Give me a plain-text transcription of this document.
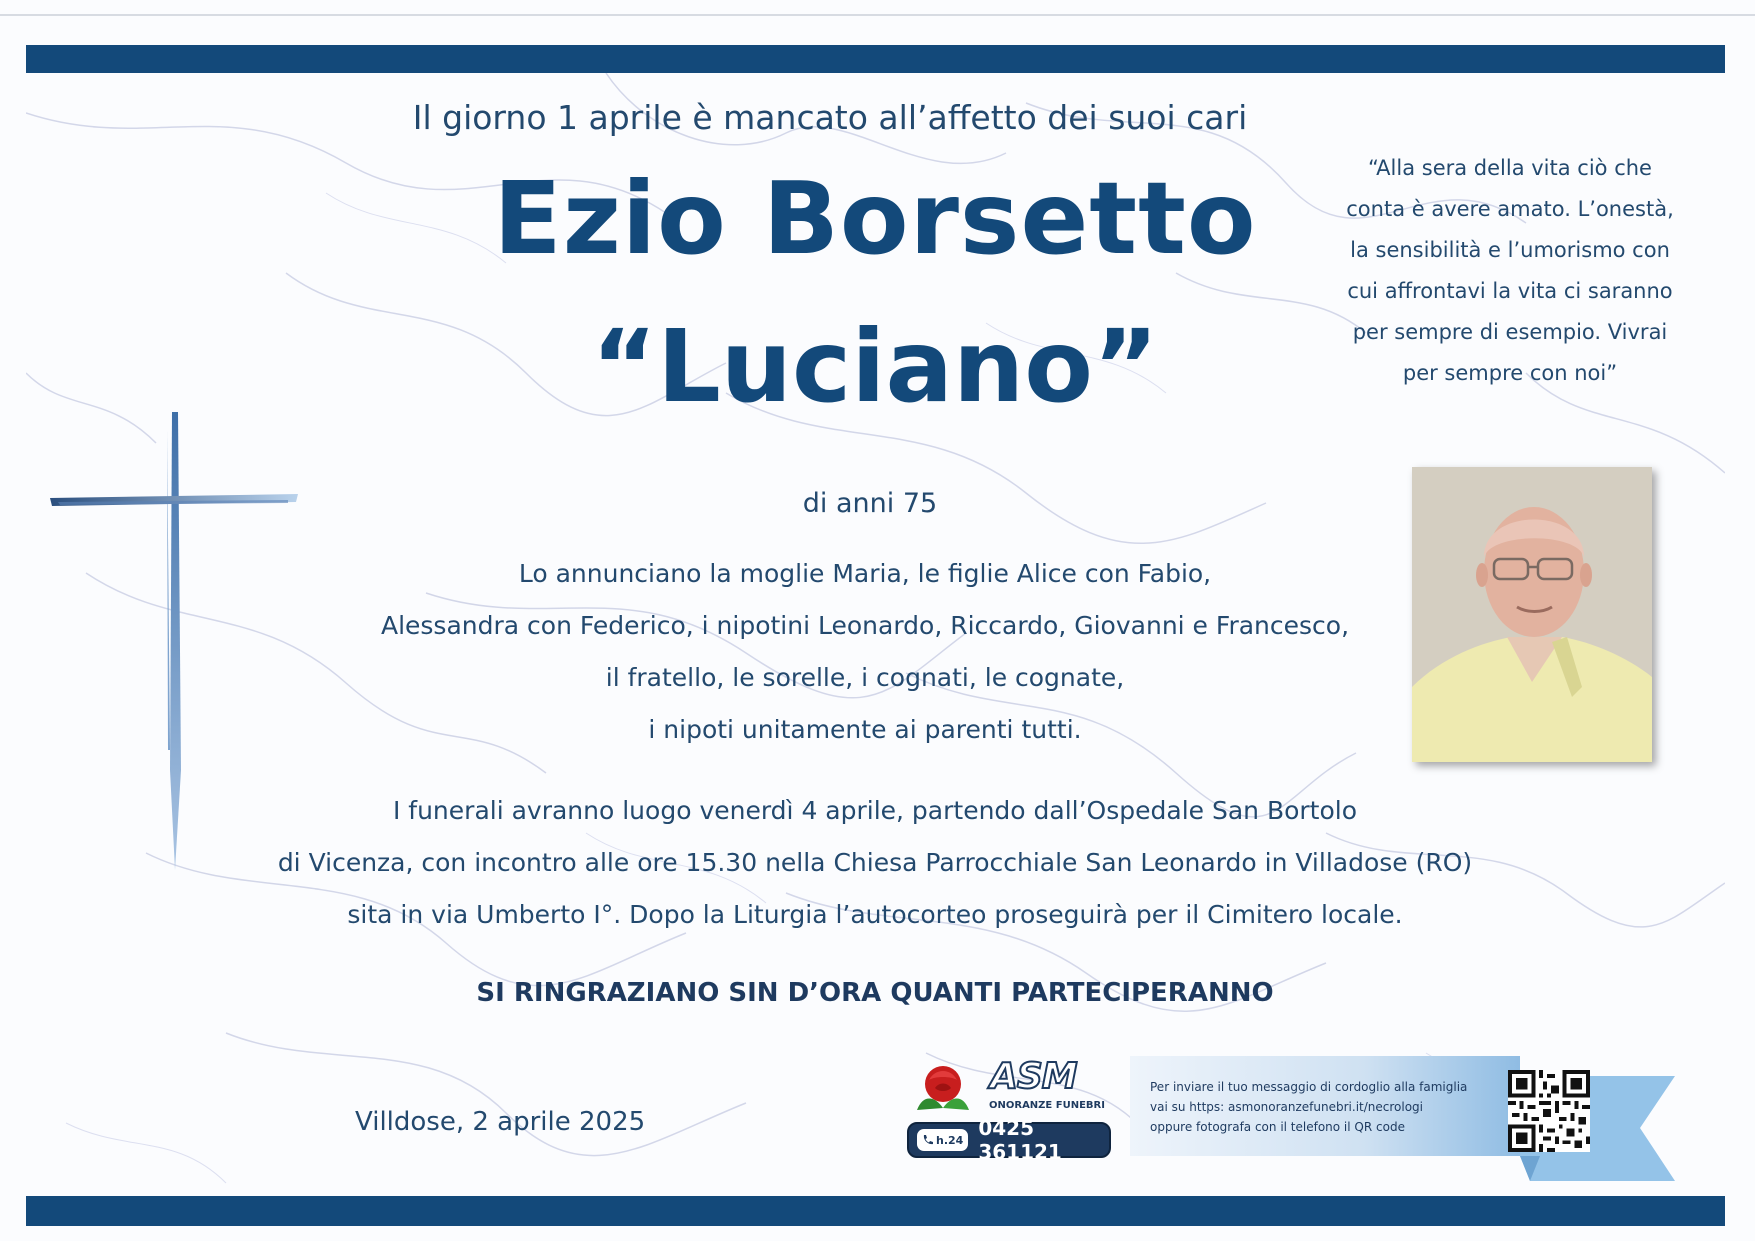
Il giorno 1 aprile è mancato all’affetto dei suoi cari
Ezio Borsetto
“Luciano”
“Alla sera della vita ciò che conta è avere amato. L’onestà, la sensibilità e l’umorismo con cui affrontavi la vita ci saranno per sempre di esempio. Vivrai per sempre con noi”
di anni 75
Lo annunciano la moglie Maria, le figlie Alice con Fabio,
Alessandra con Federico, i nipotini Leonardo, Riccardo, Giovanni e Francesco,
il fratello, le sorelle, i cognati, le cognate,
i nipoti unitamente ai parenti tutti.
I funerali avranno luogo venerdì 4 aprile, partendo dall’Ospedale San Bortolo
di Vicenza, con incontro alle ore 15.30 nella Chiesa Parrocchiale San Leonardo in Villadose (RO)
sita in via Umberto I°. Dopo la Liturgia l’autocorteo proseguirà per il Cimitero locale.
SI RINGRAZIANO SIN D’ORA QUANTI PARTECIPERANNO
Villdose, 2 aprile 2025
ASM
ONORANZE FUNEBRI
h.24 0425 361121
Per inviare il tuo messaggio di cordoglio alla famiglia
vai su https: asmonoranzefunebri.it/necrologi
oppure fotografa con il telefono il QR code
